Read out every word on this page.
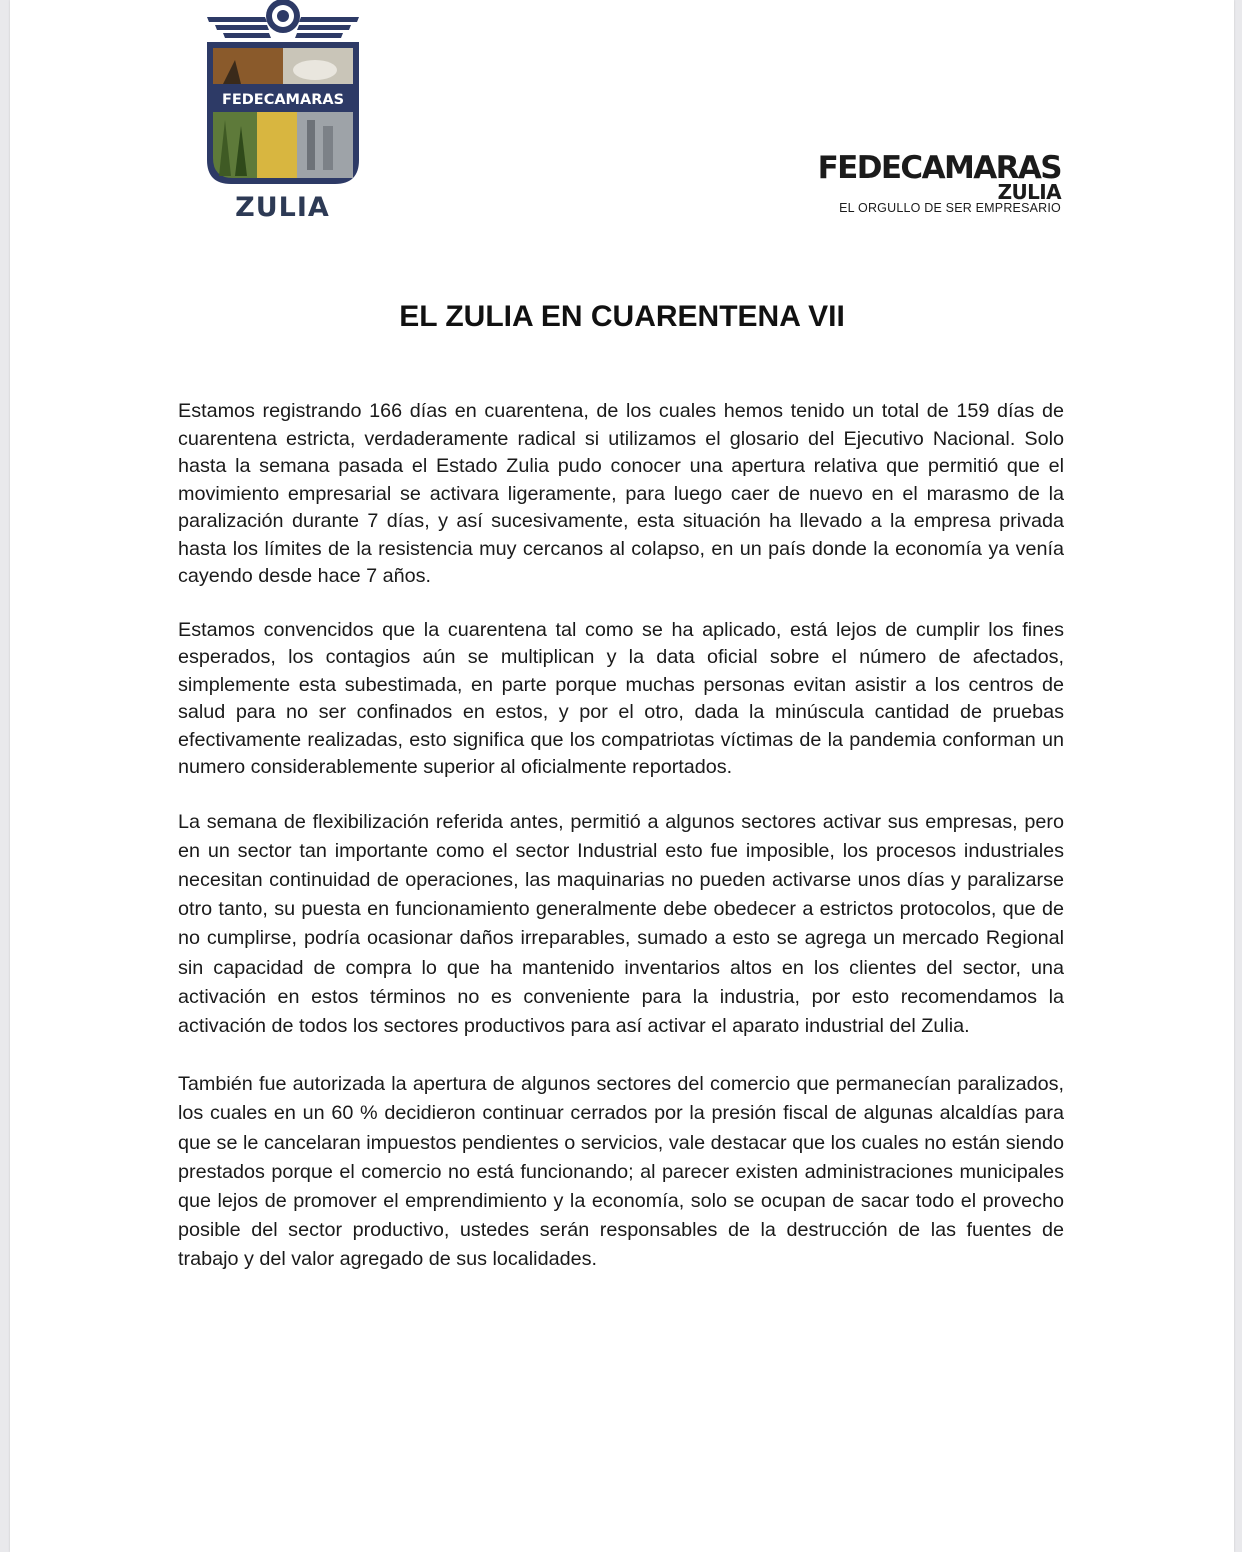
FEDECAMARAS
ZULIA
FEDECAMARAS
ZULIA
EL ORGULLO DE SER EMPRESARIO
EL ZULIA EN CUARENTENA VII

Estamos registrando 166 días en cuarentena, de los cuales hemos tenido un total de 159 días de cuarentena estricta, verdaderamente radical si utilizamos el glosario del Ejecutivo Nacional. Solo hasta la semana pasada el Estado Zulia pudo conocer una apertura relativa que permitió que el movimiento empresarial se activara ligeramente, para luego caer de nuevo en el marasmo de la paralización durante 7 días, y así sucesivamente, esta situación ha llevado a la empresa privada hasta los límites de la resistencia muy cercanos al colapso, en un país donde la economía ya venía cayendo desde hace 7 años.

Estamos convencidos que la cuarentena tal como se ha aplicado, está lejos de cumplir los fines esperados, los contagios aún se multiplican y la data oficial sobre el número de afectados, simplemente esta subestimada, en parte porque muchas personas evitan asistir a los centros de salud para no ser confinados en estos, y por el otro, dada la minúscula cantidad de pruebas efectivamente realizadas, esto significa que los compatriotas víctimas de la pandemia conforman un numero considerablemente superior al oficialmente reportados.

La semana de flexibilización referida antes, permitió a algunos sectores activar sus empresas, pero en un sector tan importante como el sector Industrial esto fue imposible, los procesos industriales necesitan continuidad de operaciones, las maquinarias no pueden activarse unos días y paralizarse otro tanto, su puesta en funcionamiento generalmente debe obedecer a estrictos protocolos, que de no cumplirse, podría ocasionar daños irreparables, sumado a esto se agrega un mercado Regional sin capacidad de compra lo que ha mantenido inventarios altos en los clientes del sector, una activación en estos términos no es conveniente para la industria, por esto recomendamos la activación de todos los sectores productivos para así activar el aparato industrial del Zulia.

También fue autorizada la apertura de algunos sectores del comercio que permanecían paralizados, los cuales en un 60 % decidieron continuar cerrados por la presión fiscal de algunas alcaldías para que se le cancelaran impuestos pendientes o servicios, vale destacar que los cuales no están siendo prestados porque el comercio no está funcionando; al parecer existen administraciones municipales que lejos de promover el emprendimiento y la economía, solo se ocupan de sacar todo el provecho posible del sector productivo, ustedes serán responsables de la destrucción de las fuentes de trabajo y del valor agregado de sus localidades.
